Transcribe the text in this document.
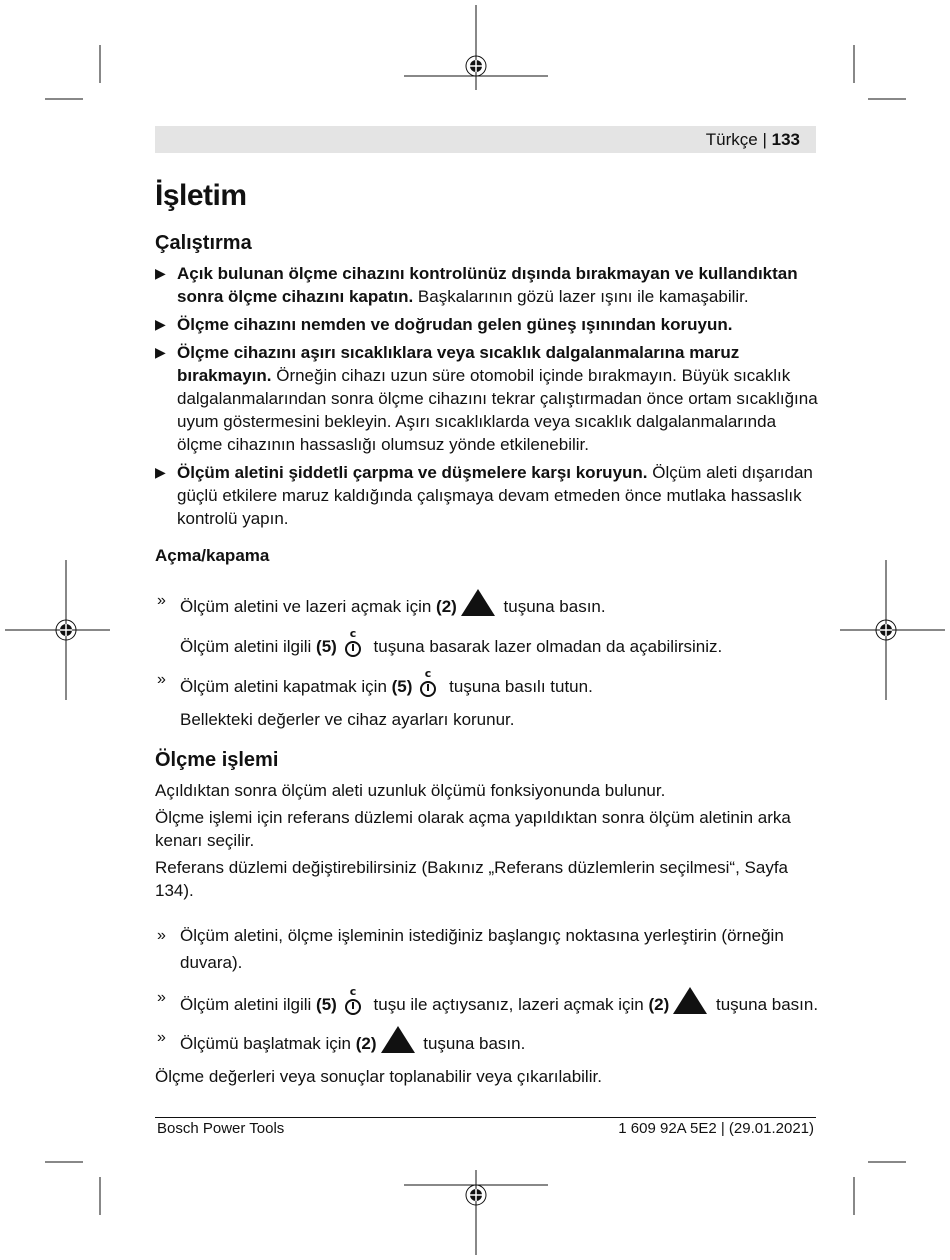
Türkçe | 133
İşletim
Çalıştırma
▶ Açık bulunan ölçme cihazını kontrolünüz dışında bırakmayan ve kullandıktan sonra ölçme cihazını kapatın. Başkalarının gözü lazer ışını ile kamaşabilir.
▶ Ölçme cihazını nemden ve doğrudan gelen güneş ışınından koruyun.
▶ Ölçme cihazını aşırı sıcaklıklara veya sıcaklık dalgalanmalarına maruz bırakmayın. Örneğin cihazı uzun süre otomobil içinde bırakmayın. Büyük sıcaklık dalgalanmalarından sonra ölçme cihazını tekrar çalıştırmadan önce ortam sıcaklığına uyum göstermesini bekleyin. Aşırı sıcaklıklarda veya sıcaklık dalgalanmalarında ölçme cihazının hassaslığı olumsuz yönde etkilenebilir.
▶ Ölçüm aletini şiddetli çarpma ve düşmelere karşı koruyun. Ölçüm aleti dışarıdan güçlü etkilere maruz kaldığında çalışmaya devam etmeden önce mutlaka hassaslık kontrolü yapın.
Açma/kapama
» Ölçüm aletini ve lazeri açmak için (2) tuşuna basın.
Ölçüm aletini ilgili (5)
c
tuşuna basarak lazer olmadan da açabilirsiniz.
» Ölçüm aletini kapatmak için (5)
c
tuşuna basılı tutun.
Bellekteki değerler ve cihaz ayarları korunur.
Ölçme işlemi

Açıldıktan sonra ölçüm aleti uzunluk ölçümü fonksiyonunda bulunur.

Ölçme işlemi için referans düzlemi olarak açma yapıldıktan sonra ölçüm aletinin arka kenarı seçilir.

Referans düzlemi değiştirebilirsiniz (Bakınız „Referans düzlemlerin seçilmesi“, Sayfa 134).

» Ölçüm aletini, ölçme işleminin istediğiniz başlangıç noktasına yerleştirin (örneğin duvara).
» Ölçüm aletini ilgili (5)
c
tuşu ile açtıysanız, lazeri açmak için (2) tuşuna basın.
» Ölçümü başlatmak için (2) tuşuna basın.

Ölçme değerleri veya sonuçlar toplanabilir veya çıkarılabilir.

Bosch Power Tools	1 609 92A 5E2 | (29.01.2021)
